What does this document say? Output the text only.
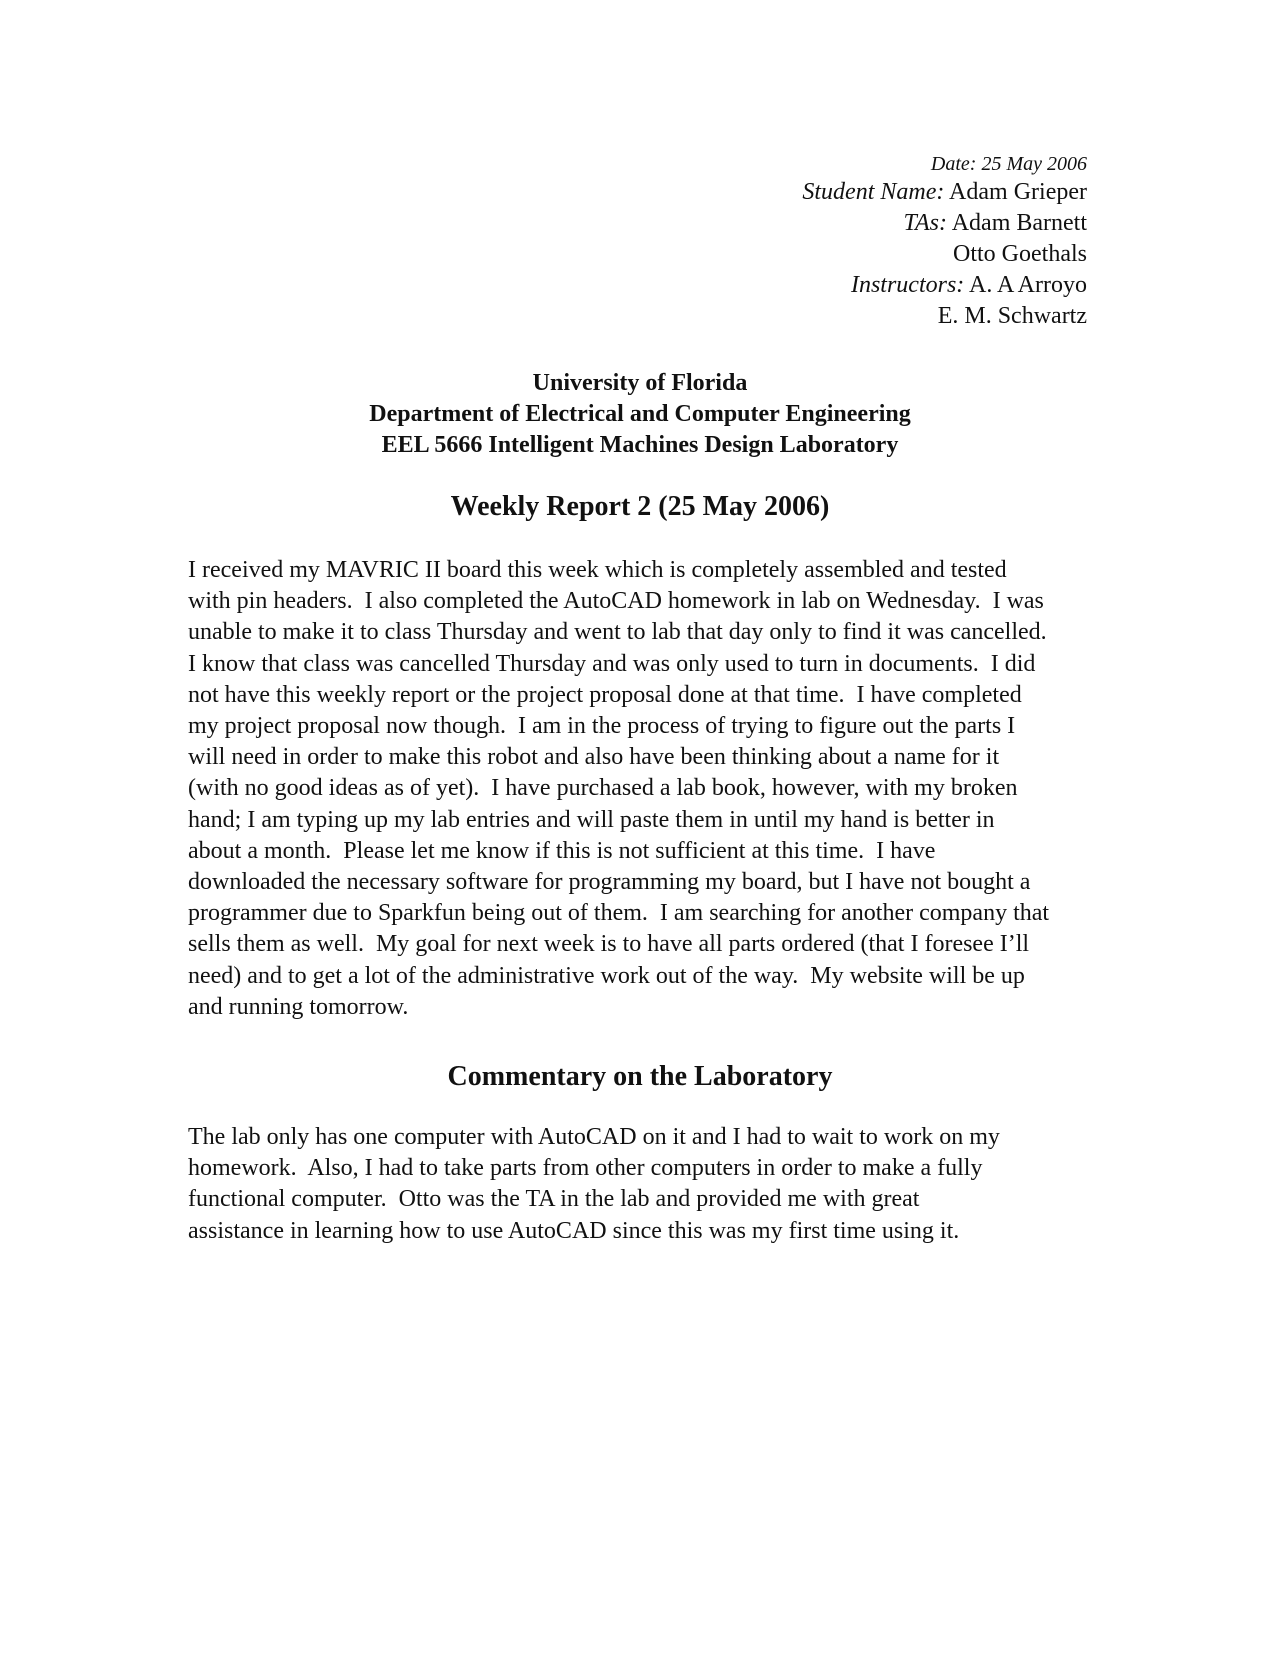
Date: 25 May 2006
Student Name: Adam Grieper
TAs: Adam Barnett
Otto Goethals
Instructors: A. A Arroyo
E. M. Schwartz
University of Florida
Department of Electrical and Computer Engineering
EEL 5666 Intelligent Machines Design Laboratory
Weekly Report 2 (25 May 2006)
I received my MAVRIC II board this week which is completely assembled and tested
with pin headers.  I also completed the AutoCAD homework in lab on Wednesday.  I was
unable to make it to class Thursday and went to lab that day only to find it was cancelled.
I know that class was cancelled Thursday and was only used to turn in documents.  I did
not have this weekly report or the project proposal done at that time.  I have completed
my project proposal now though.  I am in the process of trying to figure out the parts I
will need in order to make this robot and also have been thinking about a name for it
(with no good ideas as of yet).  I have purchased a lab book, however, with my broken
hand; I am typing up my lab entries and will paste them in until my hand is better in
about a month.  Please let me know if this is not sufficient at this time.  I have
downloaded the necessary software for programming my board, but I have not bought a
programmer due to Sparkfun being out of them.  I am searching for another company that
sells them as well.  My goal for next week is to have all parts ordered (that I foresee I’ll
need) and to get a lot of the administrative work out of the way.  My website will be up
and running tomorrow.
Commentary on the Laboratory
The lab only has one computer with AutoCAD on it and I had to wait to work on my
homework.  Also, I had to take parts from other computers in order to make a fully
functional computer.  Otto was the TA in the lab and provided me with great
assistance in learning how to use AutoCAD since this was my first time using it.
